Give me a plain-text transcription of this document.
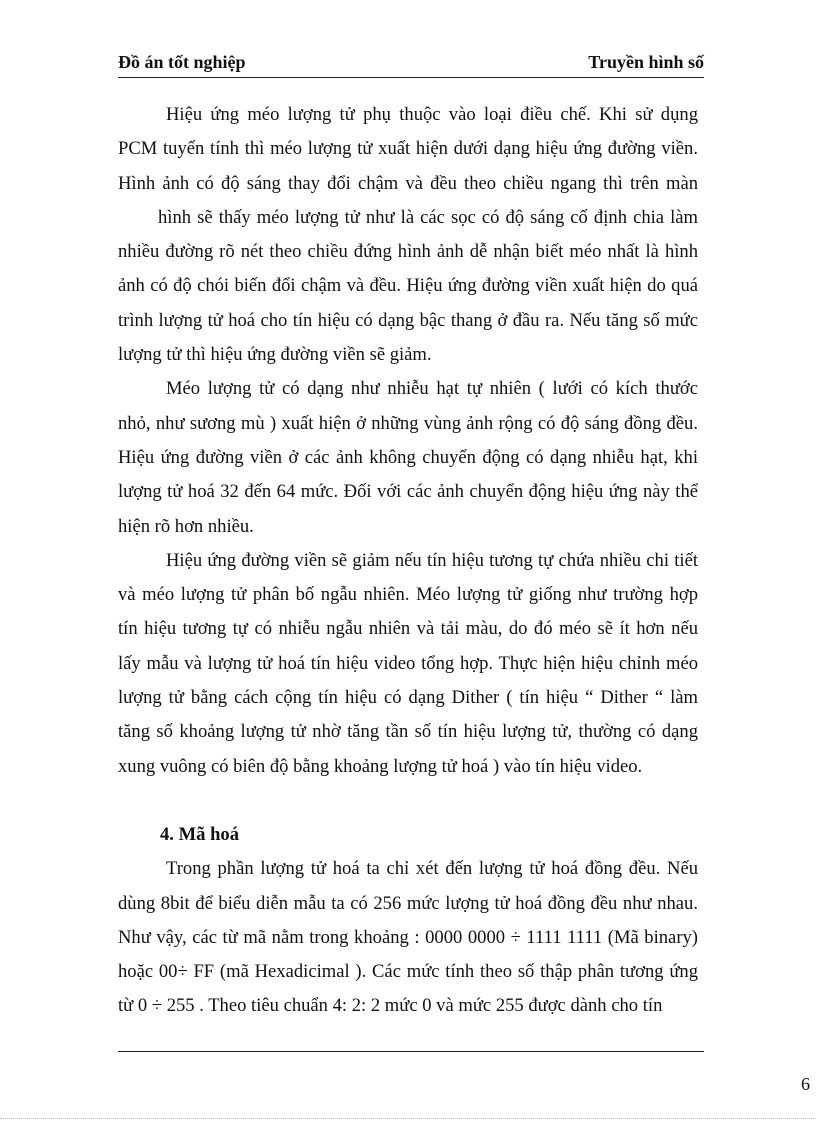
Đồ án tốt nghiệp	Truyền hình số
Hiệu ứng méo lượng tử phụ thuộc vào loại điều chế. Khi sử dụng
PCM tuyến tính thì méo lượng tử xuất hiện dưới dạng hiệu ứng đường viền.
Hình ảnh có độ sáng thay đổi chậm và đều theo chiều ngang thì trên màn
hình sẽ thấy méo lượng tử như là các sọc có độ sáng cố định chia làm
nhiều đường rõ nét theo chiều đứng hình ảnh dễ nhận biết méo nhất là hình
ảnh có độ chói biến đổi chậm và đều. Hiệu ứng đường viền xuất hiện do quá
trình lượng tử hoá cho tín hiệu có dạng bậc thang ở đầu ra. Nếu tăng số mức
lượng tử thì hiệu ứng đường viền sẽ giảm.
Méo lượng tử có dạng như nhiễu hạt tự nhiên ( lưới có kích thước
nhỏ, như sương mù ) xuất hiện ở những vùng ảnh rộng có độ sáng đồng đều.
Hiệu ứng đường viền ở các ảnh không chuyển động có dạng nhiễu hạt, khi
lượng tử hoá 32 đến 64 mức. Đối với các ảnh chuyển động hiệu ứng này thể
hiện rõ hơn nhiều.
Hiệu ứng đường viền sẽ giảm nếu tín hiệu tương tự chứa nhiều chi tiết
và méo lượng tử phân bố ngẫu nhiên. Méo lượng tử giống như trường hợp
tín hiệu tương tự có nhiễu ngẫu nhiên và tải màu, do đó méo sẽ ít hơn nếu
lấy mẫu và lượng tử hoá tín hiệu video tổng hợp. Thực hiện hiệu chỉnh méo
lượng tử bằng cách cộng tín hiệu có dạng Dither ( tín hiệu “ Dither “ làm
tăng số khoảng lượng tử nhờ tăng tần số tín hiệu lượng tử, thường có dạng
xung vuông có biên độ bằng khoảng lượng tử hoá ) vào tín hiệu video.
4. Mã hoá
Trong phần lượng tử hoá ta chỉ xét đến lượng tử hoá đồng đều. Nếu
dùng 8bit để biểu diễn mẫu ta có 256 mức lượng tử hoá đồng đều như nhau.
Như vậy, các từ mã nằm trong khoảng : 0000 0000 ÷ 1111 1111 (Mã binary)
hoặc 00÷ FF (mã Hexadicimal ). Các mức tính theo số thập phân tương ứng
từ 0 ÷ 255 . Theo tiêu chuẩn 4: 2: 2 mức 0 và mức 255 được dành cho tín
6
